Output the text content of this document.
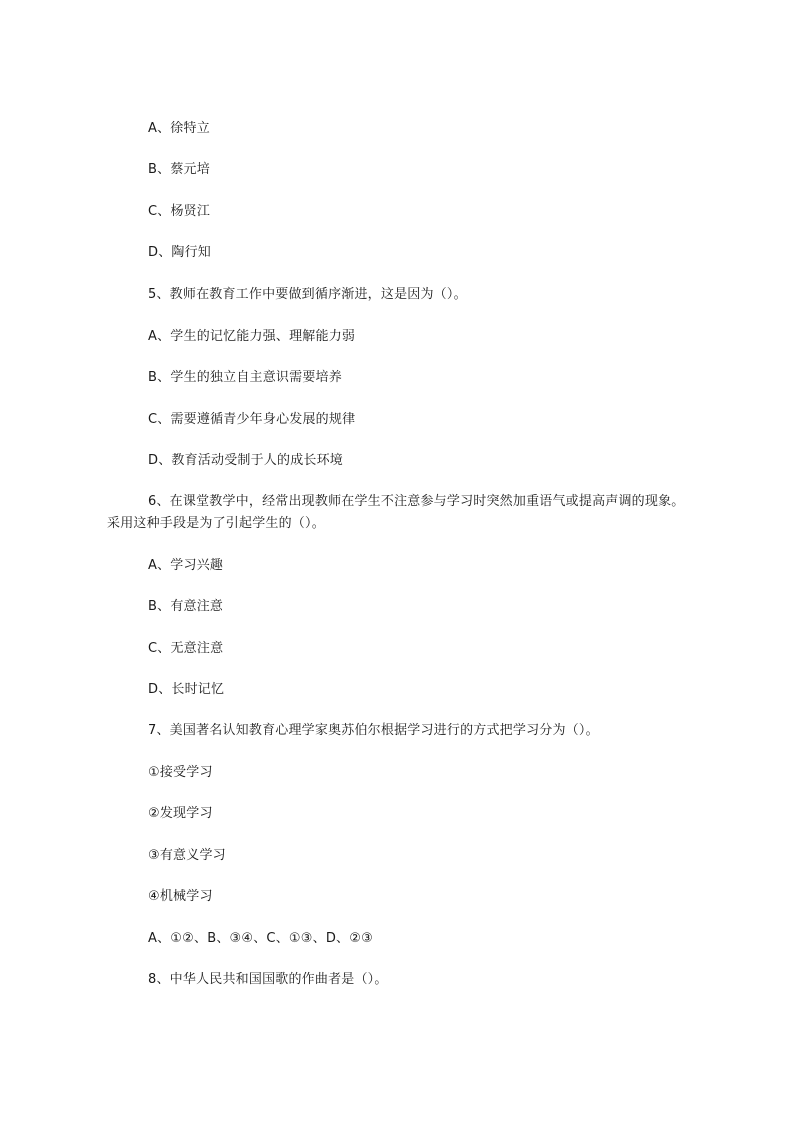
A、徐特立
B、蔡元培
C、杨贤江
D、陶行知
5、教师在教育工作中要做到循序渐进，这是因为（）。
A、学生的记忆能力强、理解能力弱
B、学生的独立自主意识需要培养
C、需要遵循青少年身心发展的规律
D、教育活动受制于人的成长环境
6、在课堂教学中，经常出现教师在学生不注意参与学习时突然加重语气或提高声调的现象。采用这种手段是为了引起学生的（）。
A、学习兴趣
B、有意注意
C、无意注意
D、长时记忆
7、美国著名认知教育心理学家奥苏伯尔根据学习进行的方式把学习分为（）。
①接受学习
②发现学习
③有意义学习
④机械学习
A、①②、B、③④、C、①③、D、②③
8、中华人民共和国国歌的作曲者是（）。
